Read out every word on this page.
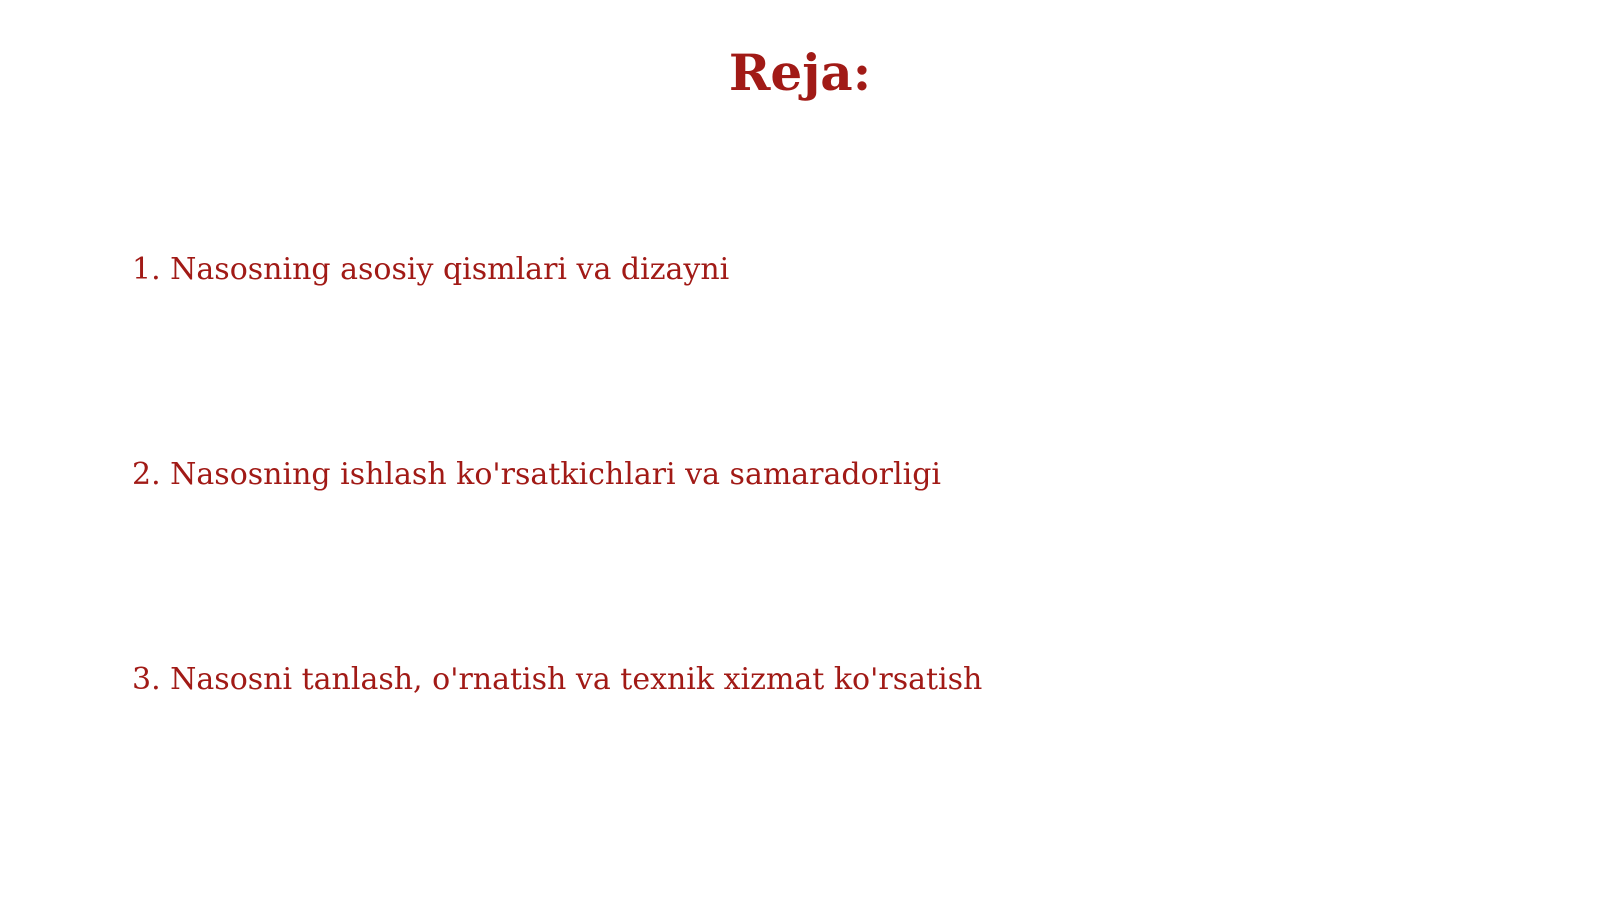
Reja:

1. Nasosning asosiy qismlari va dizayni

2. Nasosning ishlash ko'rsatkichlari va samaradorligi

3. Nasosni tanlash, o'rnatish va texnik xizmat ko'rsatish
